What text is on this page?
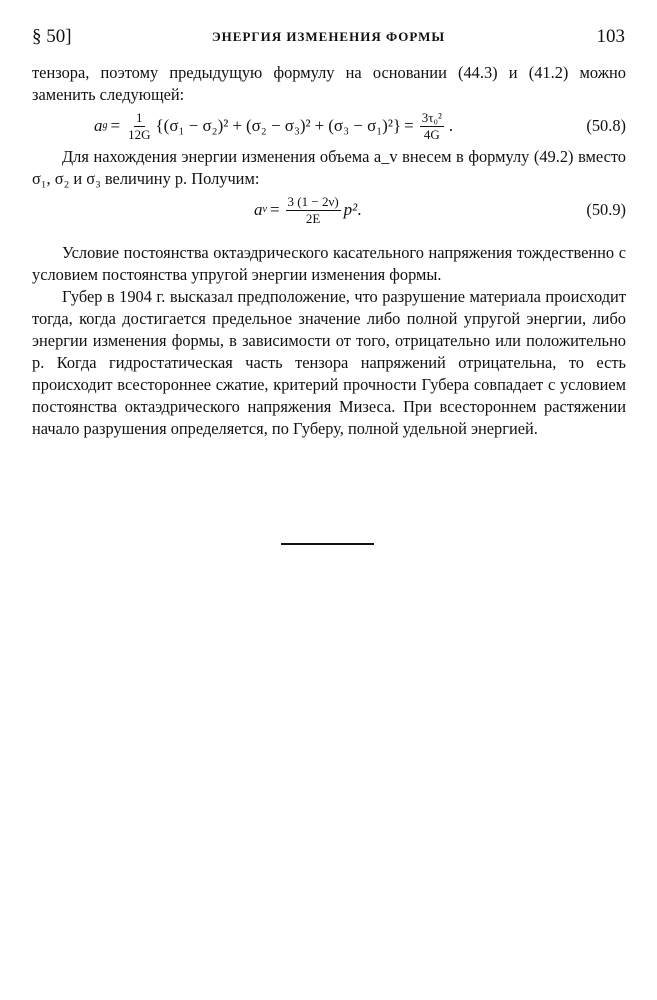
§ 50]	ЭНЕРГИЯ ИЗМЕНЕНИЯ ФОРМЫ	103

тензора, поэтому предыдущую формулу на основании (44.3) и (41.2) можно заменить следующей:

a $g = \frac{1}{12G}$ { (σ₁ − σ₂)² + (σ₂ − σ₃)² + (σ₃ − σ₁)² } = $\frac{\text{3τ₀²}}{4G}$ .	(50.8)

Для нахождения энергии изменения объема a_v внесем в формулу (49.2) вместо σ₁, σ₂ и σ₃ величину p. Получим:

a $v = \frac{3 (1 - 2\nu)}{2E} p^2$ .	(50.9)

Условие постоянства октаэдрического касательного напряжения тождественно с условием постоянства упругой энергии изменения формы.

Губер в 1904 г. высказал предположение, что разрушение материала происходит тогда, когда достигается предельное значение либо полной упругой энергии, либо энергии изменения формы, в зависимости от того, отрицательно или положительно p. Когда гидростатическая часть тензора напряжений отрицательна, то есть происходит всестороннее сжатие, критерий прочности Губера совпадает с условием постоянства октаэдрического напряжения Мизеса. При всестороннем растяжении начало разрушения определяется, по Губеру, полной удельной энергией.
